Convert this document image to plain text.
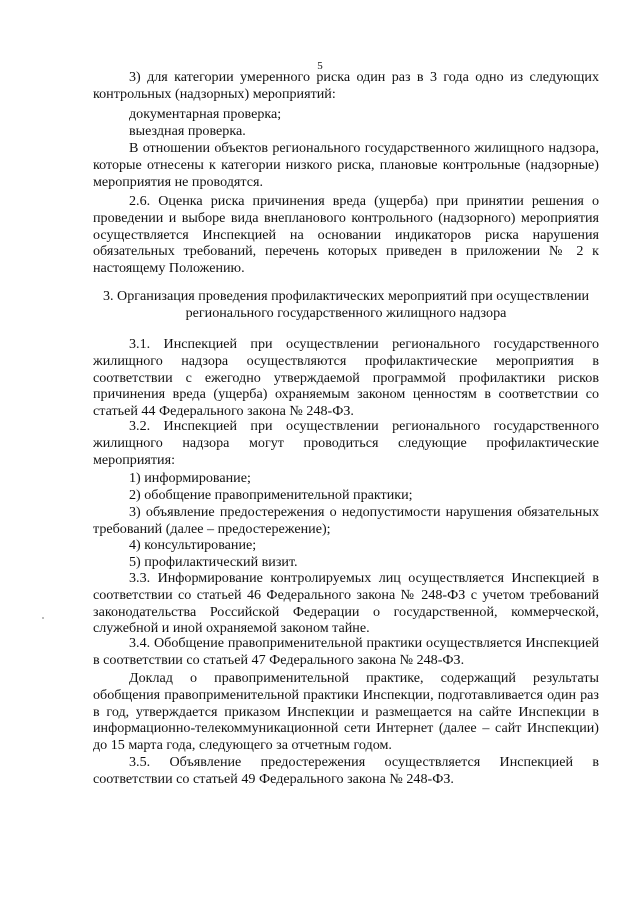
5

3) для категории умеренного риска один раз в 3 года одно из следующих контрольных (надзорных) мероприятий:

документарная проверка;

выездная проверка.

В отношении объектов регионального государственного жилищного надзора, которые отнесены к категории низкого риска, плановые контрольные (надзорные) мероприятия не проводятся.

2.6. Оценка риска причинения вреда (ущерба) при принятии решения о проведении и выборе вида внепланового контрольного (надзорного) мероприятия осуществляется Инспекцией на основании индикаторов риска нарушения обязательных требований, перечень которых приведен в приложении № 2 к настоящему Положению.

3. Организация проведения профилактических мероприятий при осуществлении регионального государственного жилищного надзора

3.1. Инспекцией при осуществлении регионального государственного жилищного надзора осуществляются профилактические мероприятия в соответствии с ежегодно утверждаемой программой профилактики рисков причинения вреда (ущерба) охраняемым законом ценностям в соответствии со статьей 44 Федерального закона № 248-ФЗ.

3.2. Инспекцией при осуществлении регионального государственного жилищного надзора могут проводиться следующие профилактические мероприятия:

1) информирование;

2) обобщение правоприменительной практики;

3) объявление предостережения о недопустимости нарушения обязательных требований (далее – предостережение);

4) консультирование;

5) профилактический визит.

3.3. Информирование контролируемых лиц осуществляется Инспекцией в соответствии со статьей 46 Федерального закона № 248-ФЗ с учетом требований законодательства Российской Федерации о государственной, коммерческой, служебной и иной охраняемой законом тайне.

3.4. Обобщение правоприменительной практики осуществляется Инспекцией в соответствии со статьей 47 Федерального закона № 248-ФЗ.

Доклад о правоприменительной практике, содержащий результаты обобщения правоприменительной практики Инспекции, подготавливается один раз в год, утверждается приказом Инспекции и размещается на сайте Инспекции в информационно-телекоммуникационной сети Интернет (далее – сайт Инспекции) до 15 марта года, следующего за отчетным годом.

3.5. Объявление предостережения осуществляется Инспекцией в соответствии со статьей 49 Федерального закона № 248-ФЗ.
